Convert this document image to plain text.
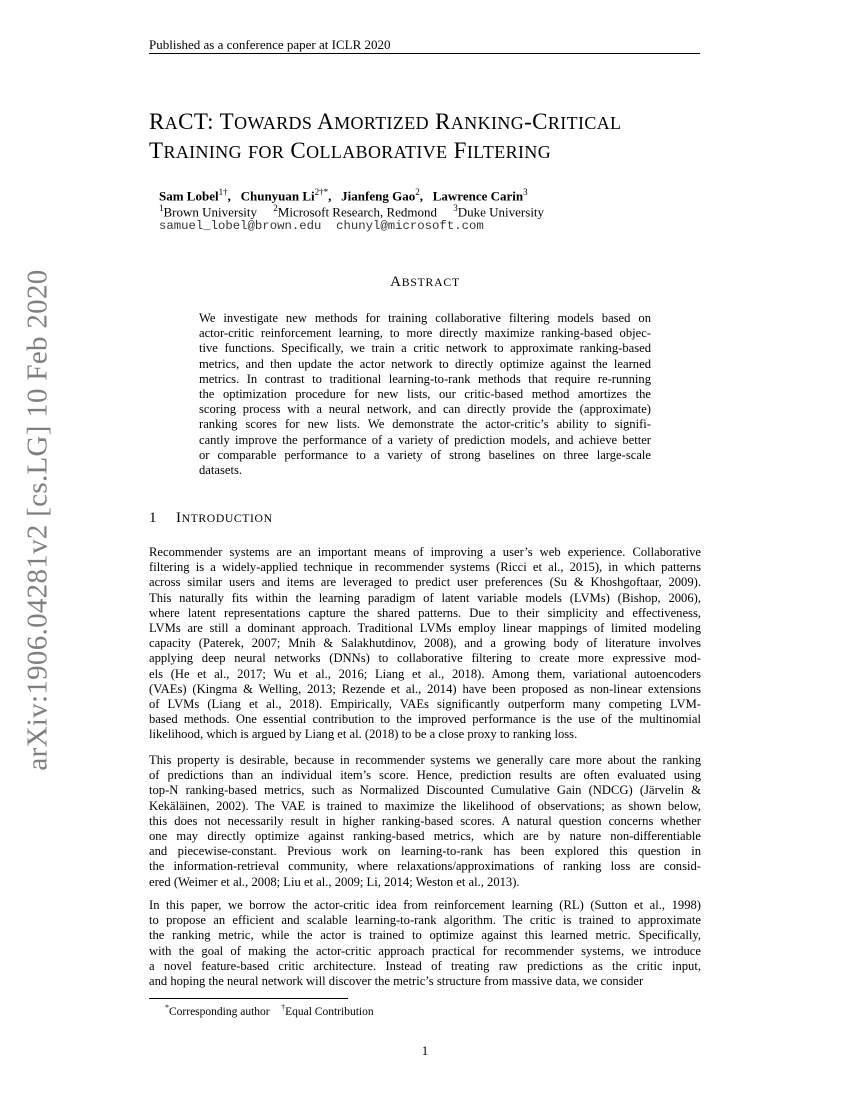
Published as a conference paper at ICLR 2020
arXiv:1906.04281v2 [cs.LG] 10 Feb 2020
RACT: TOWARDS AMORTIZED RANKING-CRITICAL
TRAINING FOR COLLABORATIVE FILTERING
Sam Lobel$^{1\dagger}$,   Chunyuan $Li^{2\dagger*}$,   Jianfeng Gao$^2$,   Lawrence Carin$^3$
$^1$Brown University $^2$Microsoft Research, Redmond $^3$Duke University
samuel_lobel@brown.edu chunyl@microsoft.com
ABSTRACT
We investigate new methods for training collaborative filtering models based on
actor-critic reinforcement learning, to more directly maximize ranking-based objec-
tive functions. Specifically, we train a critic network to approximate ranking-based
metrics, and then update the actor network to directly optimize against the learned
metrics. In contrast to traditional learning-to-rank methods that require re-running
the optimization procedure for new lists, our critic-based method amortizes the
scoring process with a neural network, and can directly provide the (approximate)
ranking scores for new lists. We demonstrate the actor-critic’s ability to signifi-
cantly improve the performance of a variety of prediction models, and achieve better
or comparable performance to a variety of strong baselines on three large-scale
datasets.
1 INTRODUCTION
Recommender systems are an important means of improving a user’s web experience. Collaborative
filtering is a widely-applied technique in recommender systems (Ricci et al., 2015), in which patterns
across similar users and items are leveraged to predict user preferences (Su & Khoshgoftaar, 2009).
This naturally fits within the learning paradigm of latent variable models (LVMs) (Bishop, 2006),
where latent representations capture the shared patterns. Due to their simplicity and effectiveness,
LVMs are still a dominant approach. Traditional LVMs employ linear mappings of limited modeling
capacity (Paterek, 2007; Mnih & Salakhutdinov, 2008), and a growing body of literature involves
applying deep neural networks (DNNs) to collaborative filtering to create more expressive mod-
els (He et al., 2017; Wu et al., 2016; Liang et al., 2018). Among them, variational autoencoders
(VAEs) (Kingma & Welling, 2013; Rezende et al., 2014) have been proposed as non-linear extensions
of LVMs (Liang et al., 2018). Empirically, VAEs significantly outperform many competing LVM-
based methods. One essential contribution to the improved performance is the use of the multinomial
likelihood, which is argued by Liang et al. (2018) to be a close proxy to ranking loss.
This property is desirable, because in recommender systems we generally care more about the ranking
of predictions than an individual item’s score. Hence, prediction results are often evaluated using
top-N ranking-based metrics, such as Normalized Discounted Cumulative Gain (NDCG) (Järvelin &
Kekäläinen, 2002). The VAE is trained to maximize the likelihood of observations; as shown below,
this does not necessarily result in higher ranking-based scores. A natural question concerns whether
one may directly optimize against ranking-based metrics, which are by nature non-differentiable
and piecewise-constant. Previous work on learning-to-rank has been explored this question in
the information-retrieval community, where relaxations/approximations of ranking loss are consid-
ered (Weimer et al., 2008; Liu et al., 2009; Li, 2014; Weston et al., 2013).
In this paper, we borrow the actor-critic idea from reinforcement learning (RL) (Sutton et al., 1998)
to propose an efficient and scalable learning-to-rank algorithm. The critic is trained to approximate
the ranking metric, while the actor is trained to optimize against this learned metric. Specifically,
with the goal of making the actor-critic approach practical for recommender systems, we introduce
a novel feature-based critic architecture. Instead of treating raw predictions as the critic input,
and hoping the neural network will discover the metric’s structure from massive data, we consider
*Corresponding author †Equal Contribution
1
